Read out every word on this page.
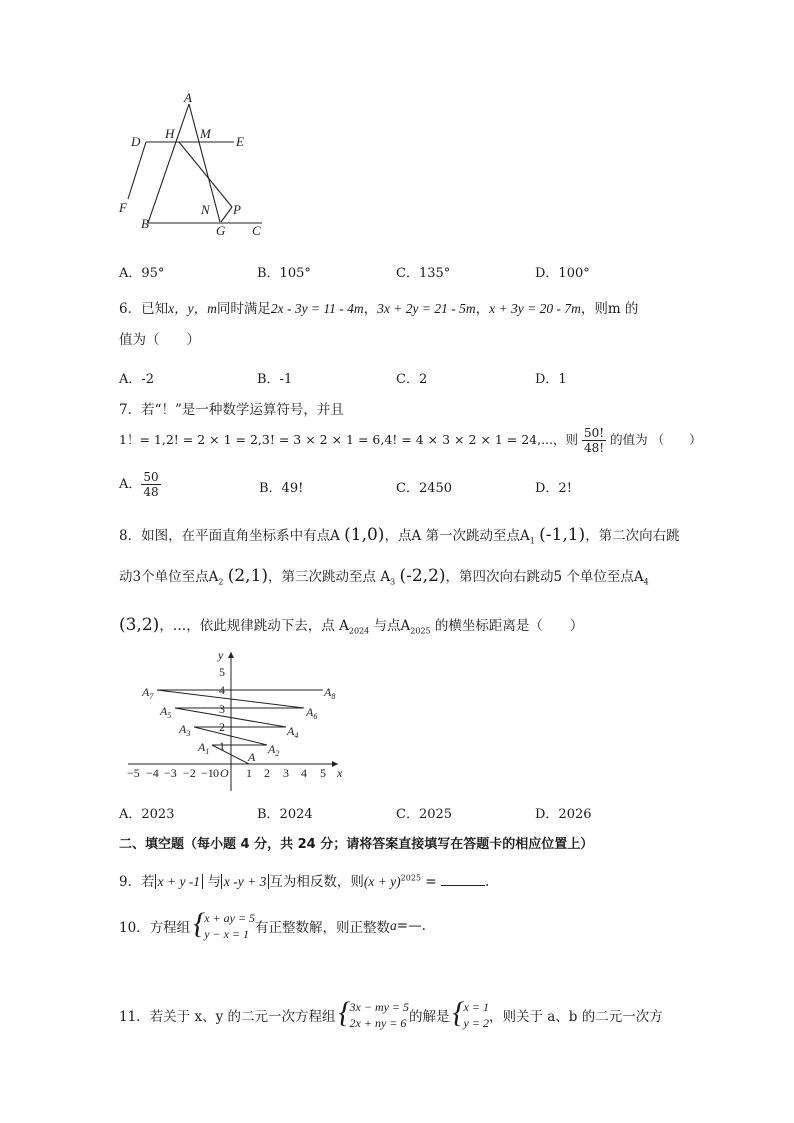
A
H M
D	E
F	N P
B	G C
A．95°	B．105°	C．135°	D．100°
6．已知x，y，m同时满足2x - 3y = 11 - 4m，3x + 2y = 21 - 5m，x + 3y = 20 - 7m，则m 的
值为（　　）
A．-2	B．-1	C．2	D．1
7．若“！”是一种数学运算符号，并且
1！= 1,2! = 2 × 1 = 2,3! = 3 × 2 × 1 = 6,4! = 4 × 3 × 2 × 1 = 24,...，则 $\frac{50!}{48!}$ 的值为 （　　）
A． $\frac{50}{48}$	B．49!	C．2450	D．2!
8．如图，在平面直角坐标系中有点A (1,0)，点A 第一次跳动至点$A_1$ (-1,1)，第二次向右跳
动3个单位至点$A_2$ (2,1)，第三次跳动至点 $A_3$ (-2,2)，第四次向右跳动5 个单位至点$A_4$
(3,2)，…，依此规律跳动下去，点 $A_{2024}$ 与点$A_{2025}$ 的横坐标距离是（　　）
A
$A_1$	$A_2$
$A_3$	$A_4$
$A_5$	$A_6$
$A_7$	$A_8$
y
x
5
4
3
2
1
−5 −4 −3 −2 −1 0 O 1 2 3 4 5
A．2023	B．2024	C．2025	D．2026
二、填空题（每小题 4 分，共 24 分；请将答案直接填写在答题卡的相应位置上）
9．若 x + y -1 与 x -y + 3 互为相反数，则$(x + y)^{2025}$ =	.
10．方程组
{ x + ay = 5
y − x = 1 有正整数解，则正整数 a =—.
11．若关于 x、y 的二元一次方程组
{ 3x − my = 5
2x + ny = 6 的解是
{ x = 1
y = 2 ，则关于 a、b 的二元一次方
